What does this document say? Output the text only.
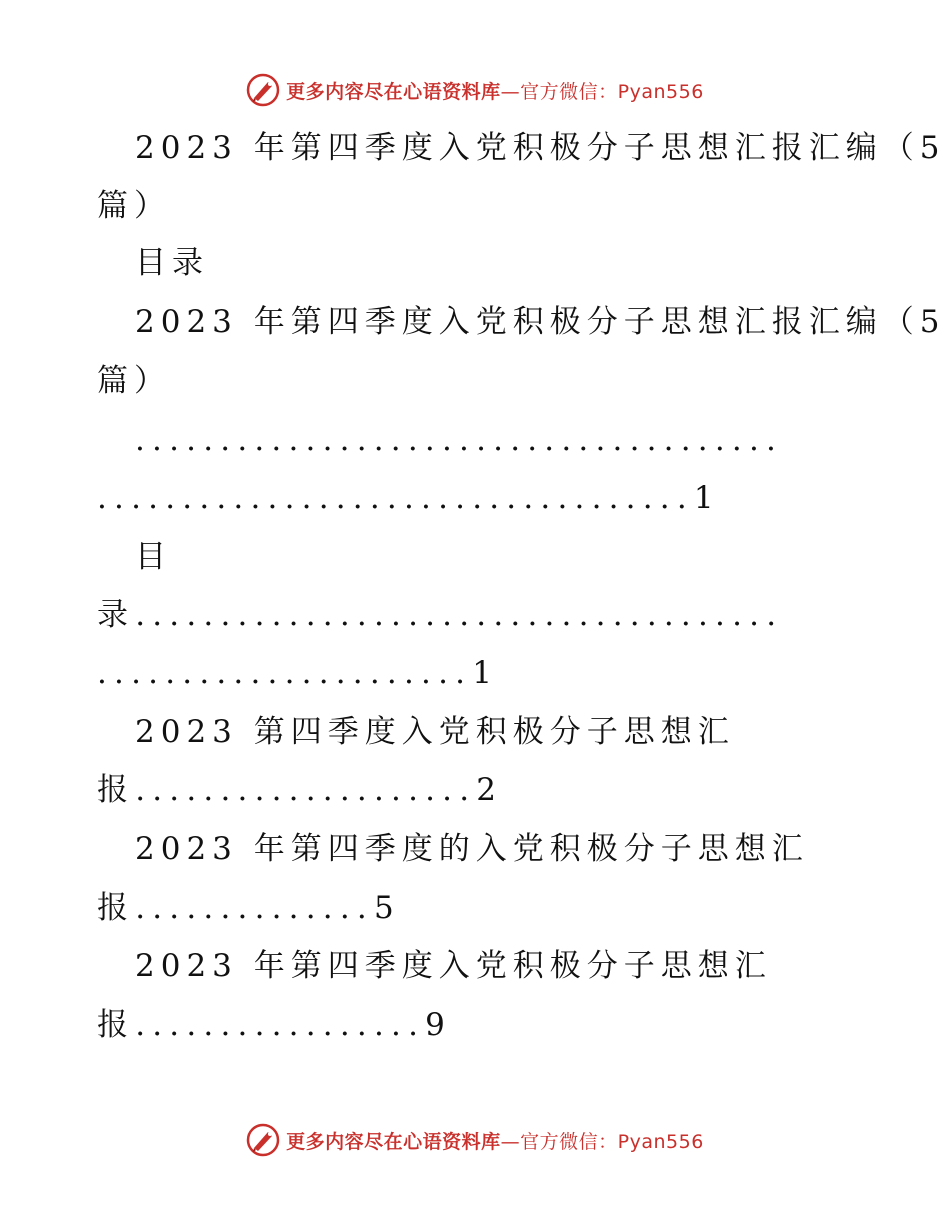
更多内容尽在心语资料库—官方微信：Pyan556
2023 年第四季度入党积极分子思想汇报汇编（5
篇）
目录
2023 年第四季度入党积极分子思想汇报汇编（5
篇）
......................................
...................................1
目
录......................................
......................1
2023 第四季度入党积极分子思想汇
报....................2
2023 年第四季度的入党积极分子思想汇
报..............5
2023 年第四季度入党积极分子思想汇
报.................9
更多内容尽在心语资料库—官方微信：Pyan556
